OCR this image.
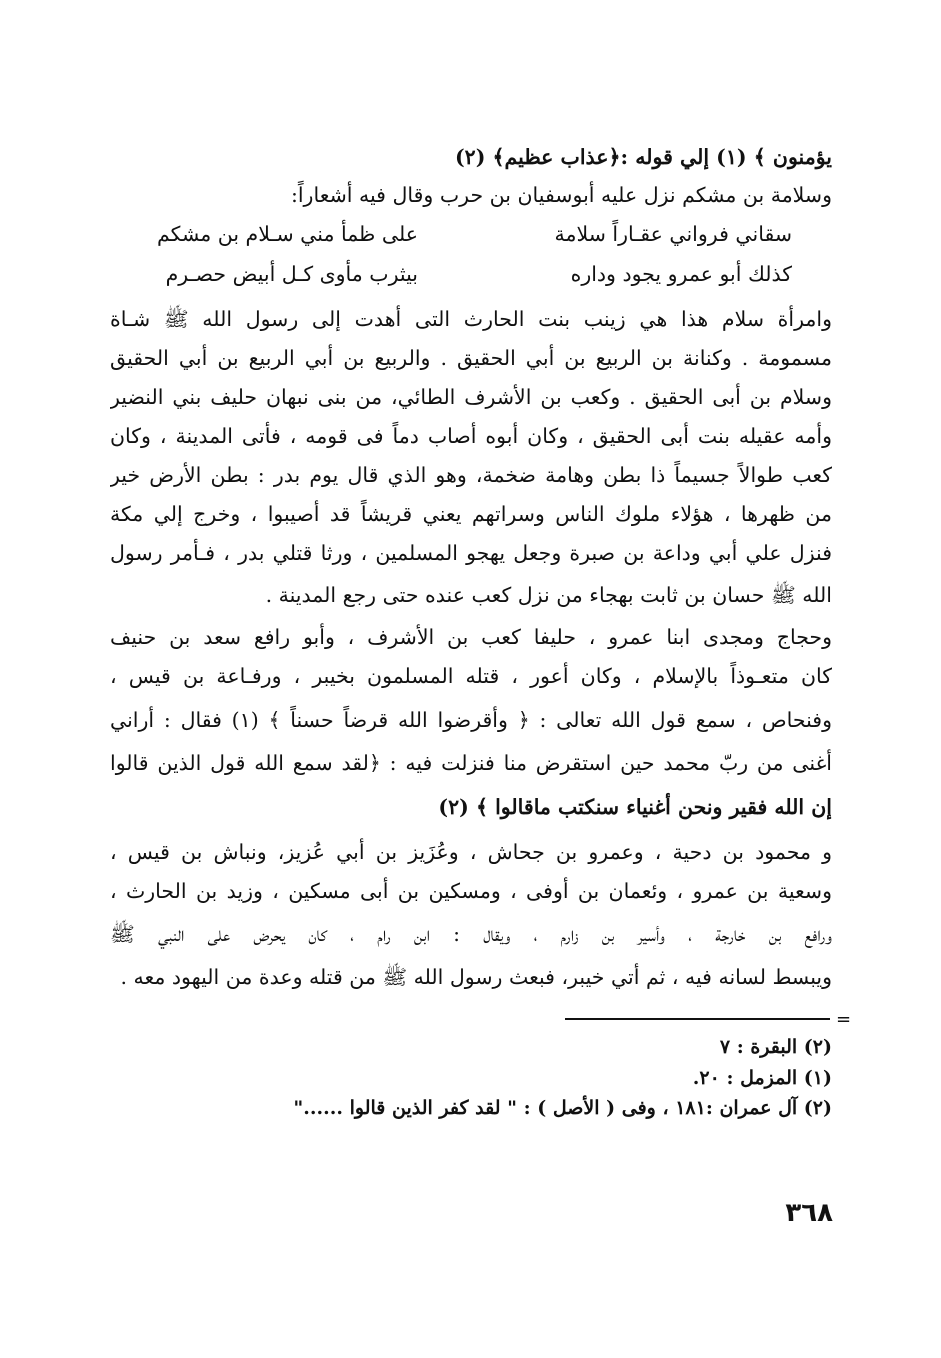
يؤمنون ﴾ (١) إلي قوله :﴿عذاب عظيم﴾ (٢)
وسلامة بن مشكم نزل عليه أبوسفيان بن حرب وقال فيه أشعاراً:
سقاني فرواني عقـاراً سلامة
على ظمأ مني سـلام بن مشكم
كذلك أبو عمرو يجود وداره
بيثرب مأوى كـل أبيض حصـرم
وامرأة سلام هذا هي زينب بنت الحارث التى أهدت إلى رسول الله ﷺ شـاة
مسمومة . وكنانة بن الربيع بن أبي الحقيق . والربيع بن أبي الربيع بن أبي الحقيق
وسلام بن أبى الحقيق . وكعب بن الأشرف الطائي، من بنى نبهان حليف بني النضير
وأمه عقيله بنت أبى الحقيق ، وكان أبوه أصاب دماً فى قومه ، فأتى المدينة ، وكان
كعب طوالاً جسيماً ذا بطن وهامة ضخمة، وهو الذي قال يوم بدر : بطن الأرض خير
من ظهرها ، هؤلاء ملوك الناس وسراتهم يعني قريشاً قد أصيبوا ، وخرج إلي مكة
فنزل علي أبي وداعة بن صبرة وجعل يهجو المسلمين ، ورثا قتلي بدر ، فـأمر رسول
الله ﷺ حسان بن ثابت بهجاء من نزل كعب عنده حتى رجع المدينة .
وحجاج ومجدى ابنا عمرو ، حليفا كعب بن الأشرف ، وأبو رافع سعد بن حنيف
كان متعـوذاً بالإسلام ، وكان أعور ، قتله المسلمون بخيبر ، ورفـاعة بن قيس ،
وفنحاص ، سمع قول الله تعالى : ﴿ وأقرضوا الله قرضاً حسناً ﴾ (١) فقال : أراني
أغنى من ربّ محمد حين استقرض منا فنزلت فيه : ﴿لقد سمع الله قول الذين قالوا
إن الله فقير ونحن أغنياء سنكتب ماقالوا ﴾ (٢)
و محمود بن دحية ، وعمرو بن جحاش ، وعُزَيز بن أبي عُزيز، ونباش بن قيس ،
وسعية بن عمرو ، وئعمان بن أوفى ، ومسكين بن أبى مسكين ، وزيد بن الحارث ،
ورافع بن خارجة ، وأسير بن زارم ، ويقال : ابن رام ، كان يحرض على النبي ﷺ
ويبسط لسانه فيه ، ثم أتي خيبر، فبعث رسول الله ﷺ من قتله وعدة من اليهود معه .
=
(٢) البقرة : ٧
(١) المزمل : ٢٠.
(٢) آل عمران :١٨١ ، وفى ( الأصل ) : " لقد كفر الذين قالوا ......"
٣٦٨
